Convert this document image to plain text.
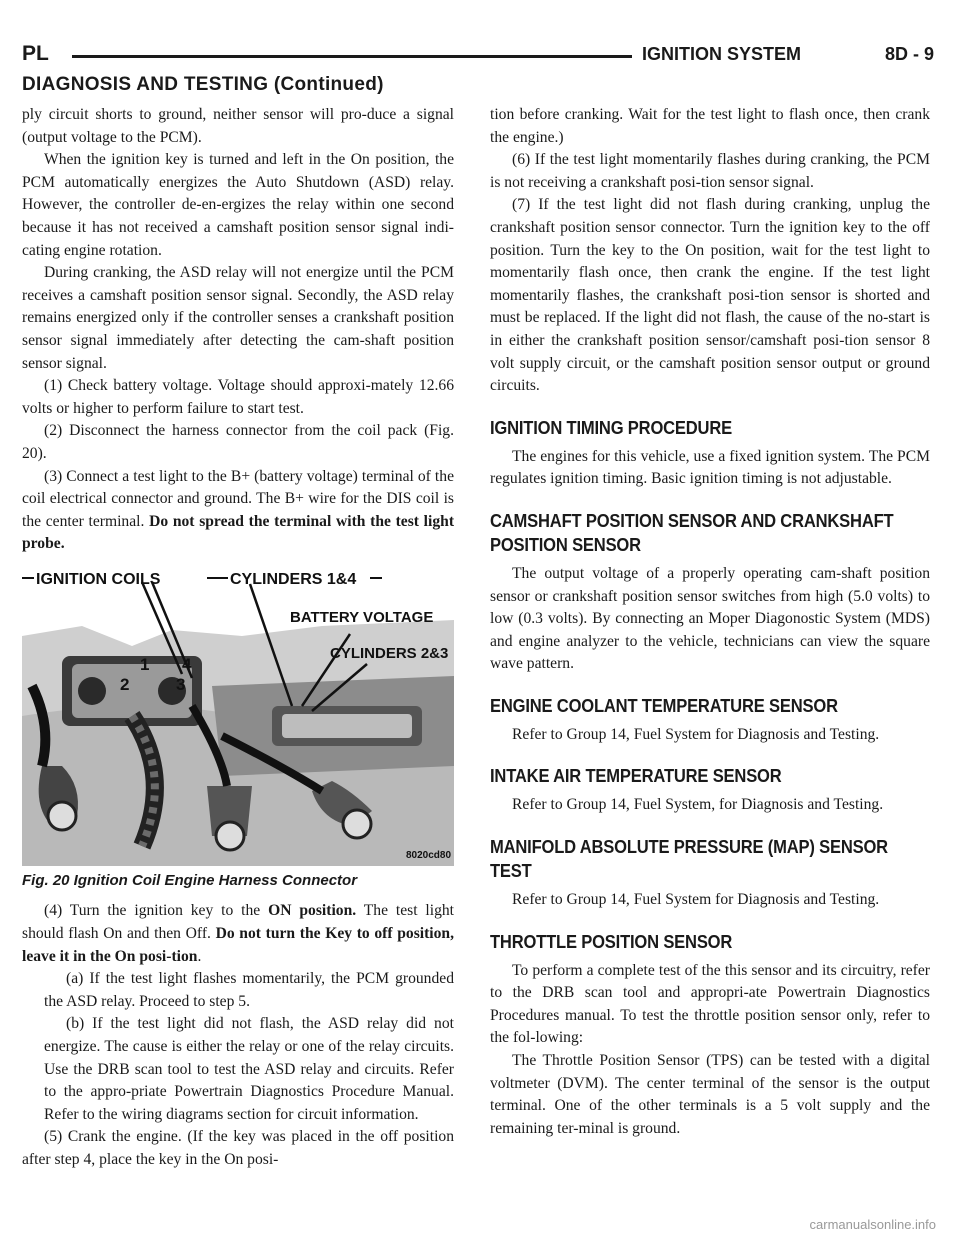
PL	IGNITION SYSTEM	8D - 9
DIAGNOSIS AND TESTING (Continued)

ply circuit shorts to ground, neither sensor will pro-duce a signal (output voltage to the PCM).

When the ignition key is turned and left in the On position, the PCM automatically energizes the Auto Shutdown (ASD) relay. However, the controller de-en-ergizes the relay within one second because it has not received a camshaft position sensor signal indi-cating engine rotation.

During cranking, the ASD relay will not energize until the PCM receives a camshaft position sensor signal. Secondly, the ASD relay remains energized only if the controller senses a crankshaft position sensor signal immediately after detecting the cam-shaft position sensor signal.

(1) Check battery voltage. Voltage should approxi-mately 12.66 volts or higher to perform failure to start test.

(2) Disconnect the harness connector from the coil pack (Fig. 20).

(3) Connect a test light to the B+ (battery voltage) terminal of the coil electrical connector and ground. The B+ wire for the DIS coil is the center terminal. Do not spread the terminal with the test light probe.

IGNITION COILS	CYLINDERS 1&4
BATTERY VOLTAGE
CYLINDERS 2&3
1 4
2	3
8020cd80
Fig. 20 Ignition Coil Engine Harness Connector

(4) Turn the ignition key to the ON position. The test light should flash On and then Off. Do not turn the Key to off position, leave it in the On posi-tion.

(a) If the test light flashes momentarily, the PCM grounded the ASD relay. Proceed to step 5.

(b) If the test light did not flash, the ASD relay did not energize. The cause is either the relay or one of the relay circuits. Use the DRB scan tool to test the ASD relay and circuits. Refer to the appro-priate Powertrain Diagnostics Procedure Manual. Refer to the wiring diagrams section for circuit information.

(5) Crank the engine. (If the key was placed in the off position after step 4, place the key in the On posi-

tion before cranking. Wait for the test light to flash once, then crank the engine.)

(6) If the test light momentarily flashes during cranking, the PCM is not receiving a crankshaft posi-tion sensor signal.

(7) If the test light did not flash during cranking, unplug the crankshaft position sensor connector. Turn the ignition key to the off position. Turn the key to the On position, wait for the test light to momentarily flash once, then crank the engine. If the test light momentarily flashes, the crankshaft posi-tion sensor is shorted and must be replaced. If the light did not flash, the cause of the no-start is in either the crankshaft position sensor/camshaft posi-tion sensor 8 volt supply circuit, or the camshaft position sensor output or ground circuits.

IGNITION TIMING PROCEDURE

The engines for this vehicle, use a fixed ignition system. The PCM regulates ignition timing. Basic ignition timing is not adjustable.

CAMSHAFT POSITION SENSOR AND CRANKSHAFT POSITION SENSOR

The output voltage of a properly operating cam-shaft position sensor or crankshaft position sensor switches from high (5.0 volts) to low (0.3 volts). By connecting an Moper Diagonostic System (MDS) and engine analyzer to the vehicle, technicians can view the square wave pattern.

ENGINE COOLANT TEMPERATURE SENSOR

Refer to Group 14, Fuel System for Diagnosis and Testing.

INTAKE AIR TEMPERATURE SENSOR

Refer to Group 14, Fuel System, for Diagnosis and Testing.

MANIFOLD ABSOLUTE PRESSURE (MAP) SENSOR TEST

Refer to Group 14, Fuel System for Diagnosis and Testing.

THROTTLE POSITION SENSOR

To perform a complete test of the this sensor and its circuitry, refer to the DRB scan tool and appropri-ate Powertrain Diagnostics Procedures manual. To test the throttle position sensor only, refer to the fol-lowing:

The Throttle Position Sensor (TPS) can be tested with a digital voltmeter (DVM). The center terminal of the sensor is the output terminal. One of the other terminals is a 5 volt supply and the remaining ter-minal is ground.

carmanualsonline.info
